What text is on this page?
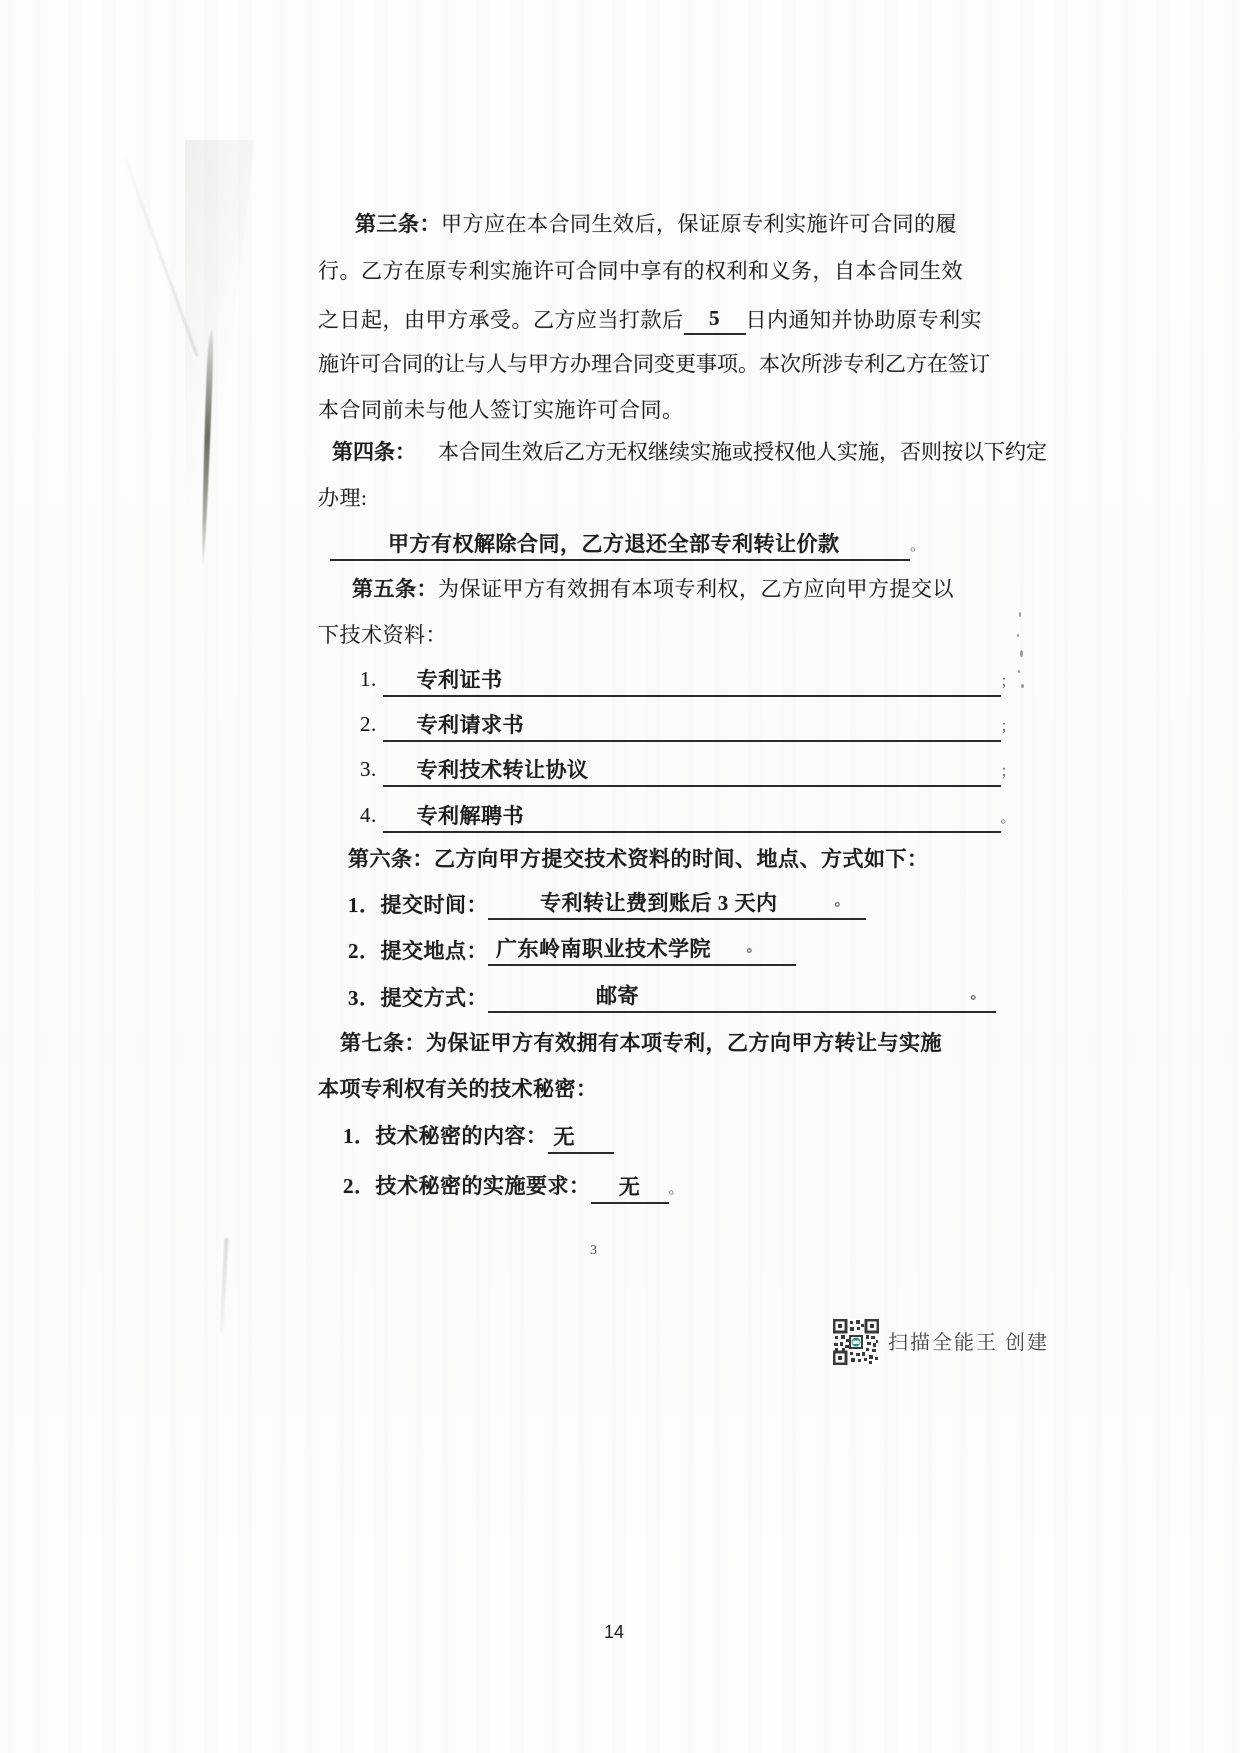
第三条：甲方应在本合同生效后，保证原专利实施许可合同的履
行。乙方在原专利实施许可合同中享有的权利和义务，自本合同生效
之日起，由甲方承受。乙方应当打款后 5 日内通知并协助原专利实
施许可合同的让与人与甲方办理合同变更事项。本次所涉专利乙方在签订
本合同前未与他人签订实施许可合同。
第四条： 本合同生效后乙方无权继续实施或授权他人实施，否则按以下约定
办理:
甲方有权解除合同，乙方退还全部专利转让价款	。
第五条：为保证甲方有效拥有本项专利权，乙方应向甲方提交以
下技术资料：
1. 专利证书	；
2. 专利请求书	；
3. 专利技术转让协议	；
4. 专利解聘书	。
第六条：乙方向甲方提交技术资料的时间、地点、方式如下：
1．提交时间： 专利转让费到账后 3 天内	。
2．提交地点： 广东岭南职业技术学院 。
3．提交方式：	邮寄	。
第七条：为保证甲方有效拥有本项专利，乙方向甲方转让与实施
本项专利权有关的技术秘密：
1．技术秘密的内容： 无
2．技术秘密的实施要求： 无 。
3
扫描全能王 创建
14
